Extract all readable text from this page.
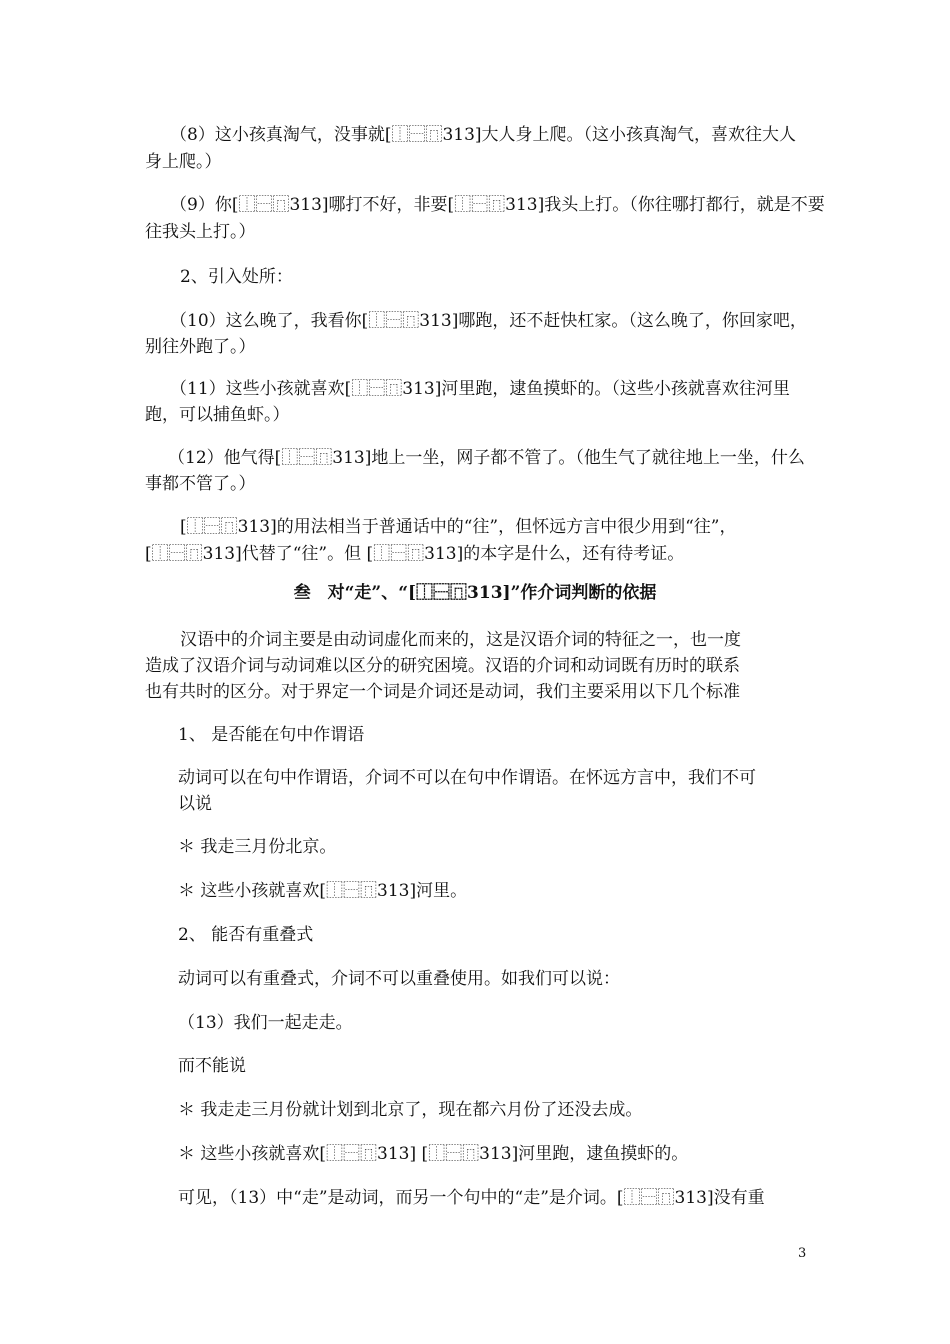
（8）这小孩真淘气，没事就[⿰⿱⿵313]大人身上爬。（这小孩真淘气，喜欢往大人

身上爬。）

（9）你[⿰⿱⿵313]哪打不好，非要[⿰⿱⿵313]我头上打。（你往哪打都行，就是不要

往我头上打。）

2、引入处所：

（10）这么晚了，我看你[⿰⿱⿵313]哪跑，还不赶快杠家。（这么晚了，你回家吧，

别往外跑了。）

（11）这些小孩就喜欢[⿰⿱⿵313]河里跑，逮鱼摸虾的。（这些小孩就喜欢往河里

跑，可以捕鱼虾。）

（12）他气得[⿰⿱⿵313]地上一坐，网子都不管了。（他生气了就往地上一坐，什么

事都不管了。）

[⿰⿱⿵313]的用法相当于普通话中的“往”，但怀远方言中很少用到“往”，

[⿰⿱⿵313]代替了“往”。但 [⿰⿱⿵313]的本字是什么，还有待考证。

叁　对“走”、“[⿰⿱⿵313]”作介词判断的依据

汉语中的介词主要是由动词虚化而来的，这是汉语介词的特征之一，也一度

造成了汉语介词与动词难以区分的研究困境。汉语的介词和动词既有历时的联系

也有共时的区分。对于界定一个词是介词还是动词，我们主要采用以下几个标准

1、 是否能在句中作谓语

动词可以在句中作谓语，介词不可以在句中作谓语。在怀远方言中，我们不可

以说

＊ 我走三月份北京。

＊ 这些小孩就喜欢[⿰⿱⿵313]河里。

2、 能否有重叠式

动词可以有重叠式，介词不可以重叠使用。如我们可以说：

（13）我们一起走走。

而不能说

＊ 我走走三月份就计划到北京了，现在都六月份了还没去成。

＊ 这些小孩就喜欢[⿰⿱⿵313] [⿰⿱⿵313]河里跑，逮鱼摸虾的。

可见，（13）中“走”是动词，而另一个句中的“走”是介词。[⿰⿱⿵313]没有重

3
